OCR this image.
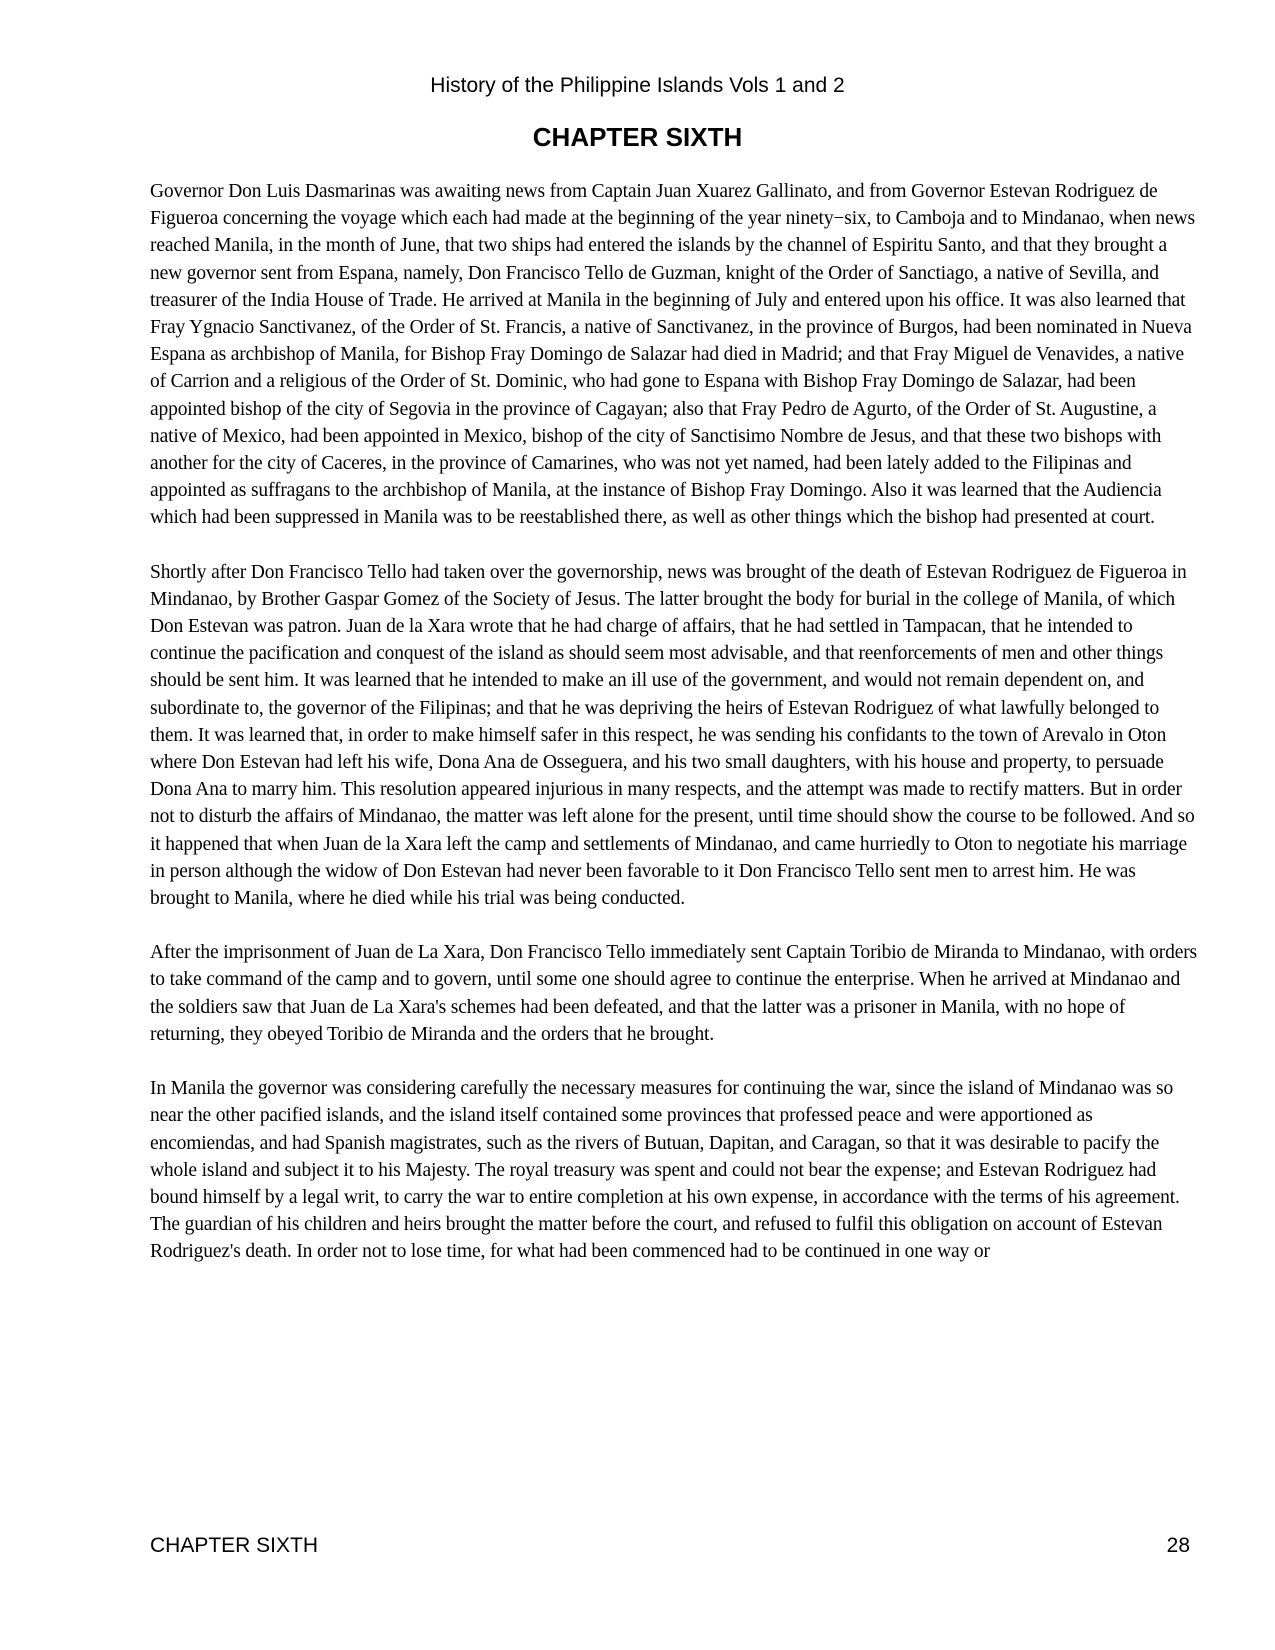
History of the Philippine Islands Vols 1 and 2
CHAPTER SIXTH

Governor Don Luis Dasmarinas was awaiting news from Captain Juan Xuarez Gallinato, and from Governor Estevan Rodriguez de Figueroa concerning the voyage which each had made at the beginning of the year ninety−six, to Camboja and to Mindanao, when news reached Manila, in the month of June, that two ships had entered the islands by the channel of Espiritu Santo, and that they brought a new governor sent from Espana, namely, Don Francisco Tello de Guzman, knight of the Order of Sanctiago, a native of Sevilla, and treasurer of the India House of Trade. He arrived at Manila in the beginning of July and entered upon his office. It was also learned that Fray Ygnacio Sanctivanez, of the Order of St. Francis, a native of Sanctivanez, in the province of Burgos, had been nominated in Nueva Espana as archbishop of Manila, for Bishop Fray Domingo de Salazar had died in Madrid; and that Fray Miguel de Venavides, a native of Carrion and a religious of the Order of St. Dominic, who had gone to Espana with Bishop Fray Domingo de Salazar, had been appointed bishop of the city of Segovia in the province of Cagayan; also that Fray Pedro de Agurto, of the Order of St. Augustine, a native of Mexico, had been appointed in Mexico, bishop of the city of Sanctisimo Nombre de Jesus, and that these two bishops with another for the city of Caceres, in the province of Camarines, who was not yet named, had been lately added to the Filipinas and appointed as suffragans to the archbishop of Manila, at the instance of Bishop Fray Domingo. Also it was learned that the Audiencia which had been suppressed in Manila was to be reestablished there, as well as other things which the bishop had presented at court.

Shortly after Don Francisco Tello had taken over the governorship, news was brought of the death of Estevan Rodriguez de Figueroa in Mindanao, by Brother Gaspar Gomez of the Society of Jesus. The latter brought the body for burial in the college of Manila, of which Don Estevan was patron. Juan de la Xara wrote that he had charge of affairs, that he had settled in Tampacan, that he intended to continue the pacification and conquest of the island as should seem most advisable, and that reenforcements of men and other things should be sent him. It was learned that he intended to make an ill use of the government, and would not remain dependent on, and subordinate to, the governor of the Filipinas; and that he was depriving the heirs of Estevan Rodriguez of what lawfully belonged to them. It was learned that, in order to make himself safer in this respect, he was sending his confidants to the town of Arevalo in Oton where Don Estevan had left his wife, Dona Ana de Osseguera, and his two small daughters, with his house and property, to persuade Dona Ana to marry him. This resolution appeared injurious in many respects, and the attempt was made to rectify matters. But in order not to disturb the affairs of Mindanao, the matter was left alone for the present, until time should show the course to be followed. And so it happened that when Juan de la Xara left the camp and settlements of Mindanao, and came hurriedly to Oton to negotiate his marriage in person although the widow of Don Estevan had never been favorable to it Don Francisco Tello sent men to arrest him. He was brought to Manila, where he died while his trial was being conducted.

After the imprisonment of Juan de La Xara, Don Francisco Tello immediately sent Captain Toribio de Miranda to Mindanao, with orders to take command of the camp and to govern, until some one should agree to continue the enterprise. When he arrived at Mindanao and the soldiers saw that Juan de La Xara's schemes had been defeated, and that the latter was a prisoner in Manila, with no hope of returning, they obeyed Toribio de Miranda and the orders that he brought.

In Manila the governor was considering carefully the necessary measures for continuing the war, since the island of Mindanao was so near the other pacified islands, and the island itself contained some provinces that professed peace and were apportioned as encomiendas, and had Spanish magistrates, such as the rivers of Butuan, Dapitan, and Caragan, so that it was desirable to pacify the whole island and subject it to his Majesty. The royal treasury was spent and could not bear the expense; and Estevan Rodriguez had bound himself by a legal writ, to carry the war to entire completion at his own expense, in accordance with the terms of his agreement. The guardian of his children and heirs brought the matter before the court, and refused to fulfil this obligation on account of Estevan Rodriguez's death. In order not to lose time, for what had been commenced had to be continued in one way or

CHAPTER SIXTH	28
